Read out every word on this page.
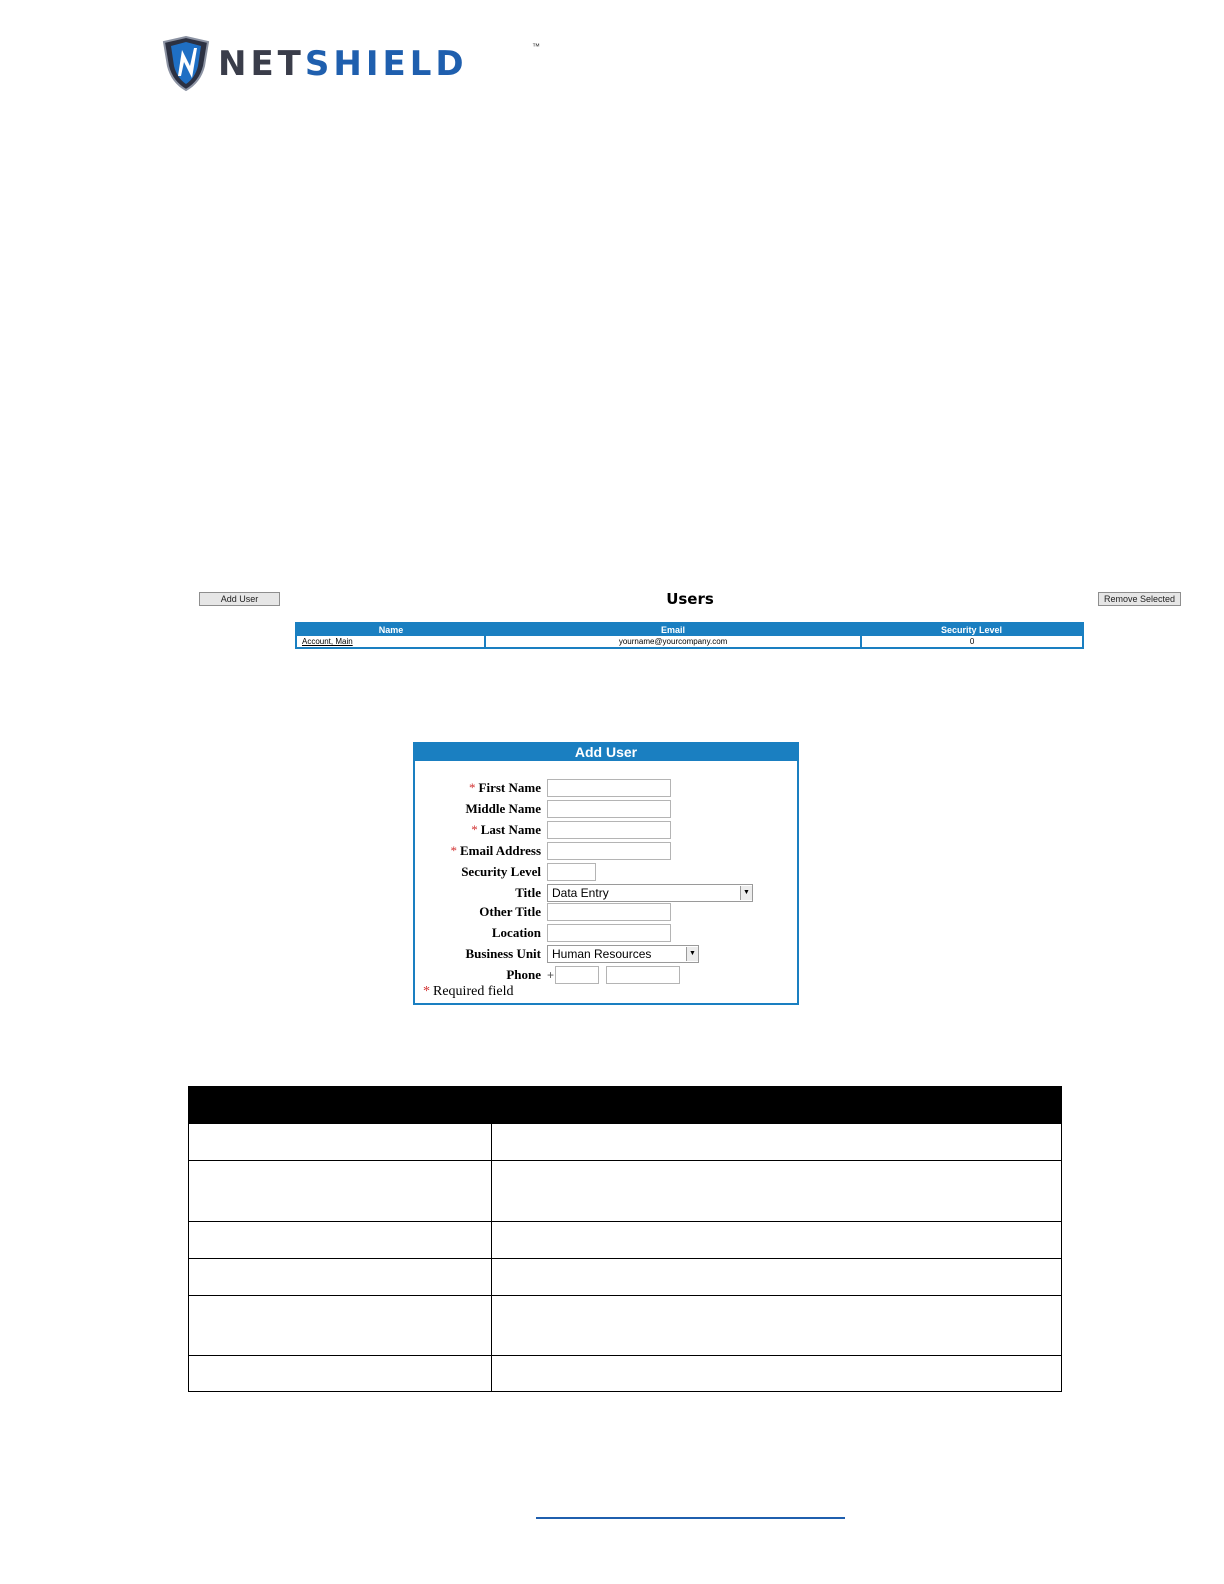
NETSHIELD	™
Add User	Users	Remove Selected
Name	Email	Security Level
Account, Main	yourname@yourcompany.com	0
Add User
* First Name
Middle Name
* Last Name
* Email Address
Security Level
Title Data Entry	▼
Other Title
Location
Business Unit Human Resources	▼
Phone +
* Required field
